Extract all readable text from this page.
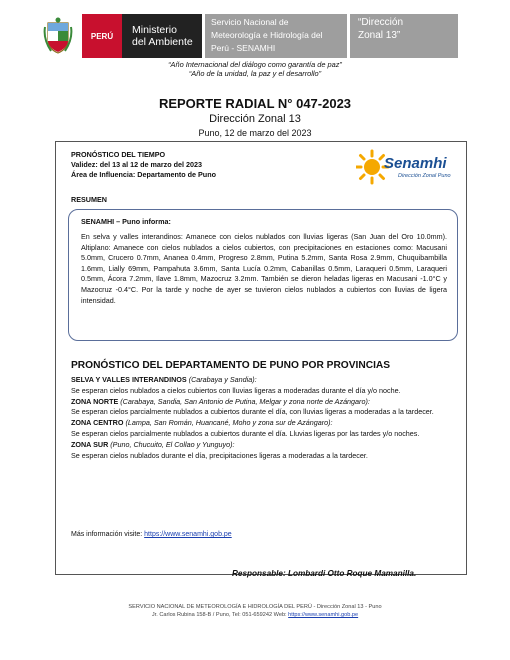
PERÚ	Ministerio
del Ambiente
Servicio Nacional de
Meteorología e Hidrología del
Perú - SENAMHI
“Dirección
Zonal 13”
“Año Internacional del diálogo como garantía de paz”
“Año de la unidad, la paz y el desarrollo”
REPORTE RADIAL N° 047-2023
Dirección Zonal 13
Puno, 12 de marzo del 2023
PRONÓSTICO DEL TIEMPO
Validez: del 13 al 12 de marzo del 2023
Área de Influencia: Departamento de Puno
RESUMEN
Senamhi
Dirección Zonal Puno
SENAMHI – Puno informa:
En selva y valles interandinos: Amanece con cielos nublados con lluvias ligeras (San Juan del Oro 10.0mm). Altiplano: Amanece con cielos nublados a cielos cubiertos, con precipitaciones en estaciones como: Macusani 5.0mm, Crucero 0.7mm, Ananea 0.4mm, Progreso 2.8mm, Putina 5.2mm, Santa Rosa 2.9mm, Chuquibambilla 1.6mm, Lially 69mm, Pampahuta 3.6mm, Santa Lucía 0.2mm, Cabanillas 0.5mm, Laraqueri 0.5mm, Laraqueri 0.5mm, Ácora 7.2mm, Ilave 1.8mm, Mazocruz 3.2mm. También se dieron heladas ligeras en Macusani -1.0°C y Mazocruz -0.4°C. Por la tarde y noche de ayer se tuvieron cielos nublados a cubiertos con lluvias de ligera intensidad.
PRONÓSTICO DEL DEPARTAMENTO DE PUNO POR PROVINCIAS
SELVA Y VALLES INTERANDINOS (Carabaya y Sandia):
Se esperan cielos nublados a cielos cubiertos con lluvias ligeras a moderadas durante el día y/o noche.
ZONA NORTE (Carabaya, Sandia, San Antonio de Putina, Melgar y zona norte de Azángaro):
Se esperan cielos parcialmente nublados a cubiertos durante el día, con lluvias ligeras a moderadas a la tardecer.
ZONA CENTRO (Lampa, San Román, Huancané, Moho y zona sur de Azángaro):
Se esperan cielos parcialmente nublados a cubiertos durante el día. Lluvias ligeras por las tardes y/o noches.
ZONA SUR (Puno, Chucuito, El Collao y Yunguyo):
Se esperan cielos nublados durante el día, precipitaciones ligeras a moderadas a la tardecer.
Más información visite: https://www.senamhi.gob.pe
Responsable: Lombardi Otto Roque Mamanilla.
SERVICIO NACIONAL DE METEOROLOGÍA E HIDROLOGÍA DEL PERÚ - Dirección Zonal 13 - Puno
Jr. Carlos Rubina 158-B / Puno, Tel: 051-659242 Web: https://www.senamhi.gob.pe
